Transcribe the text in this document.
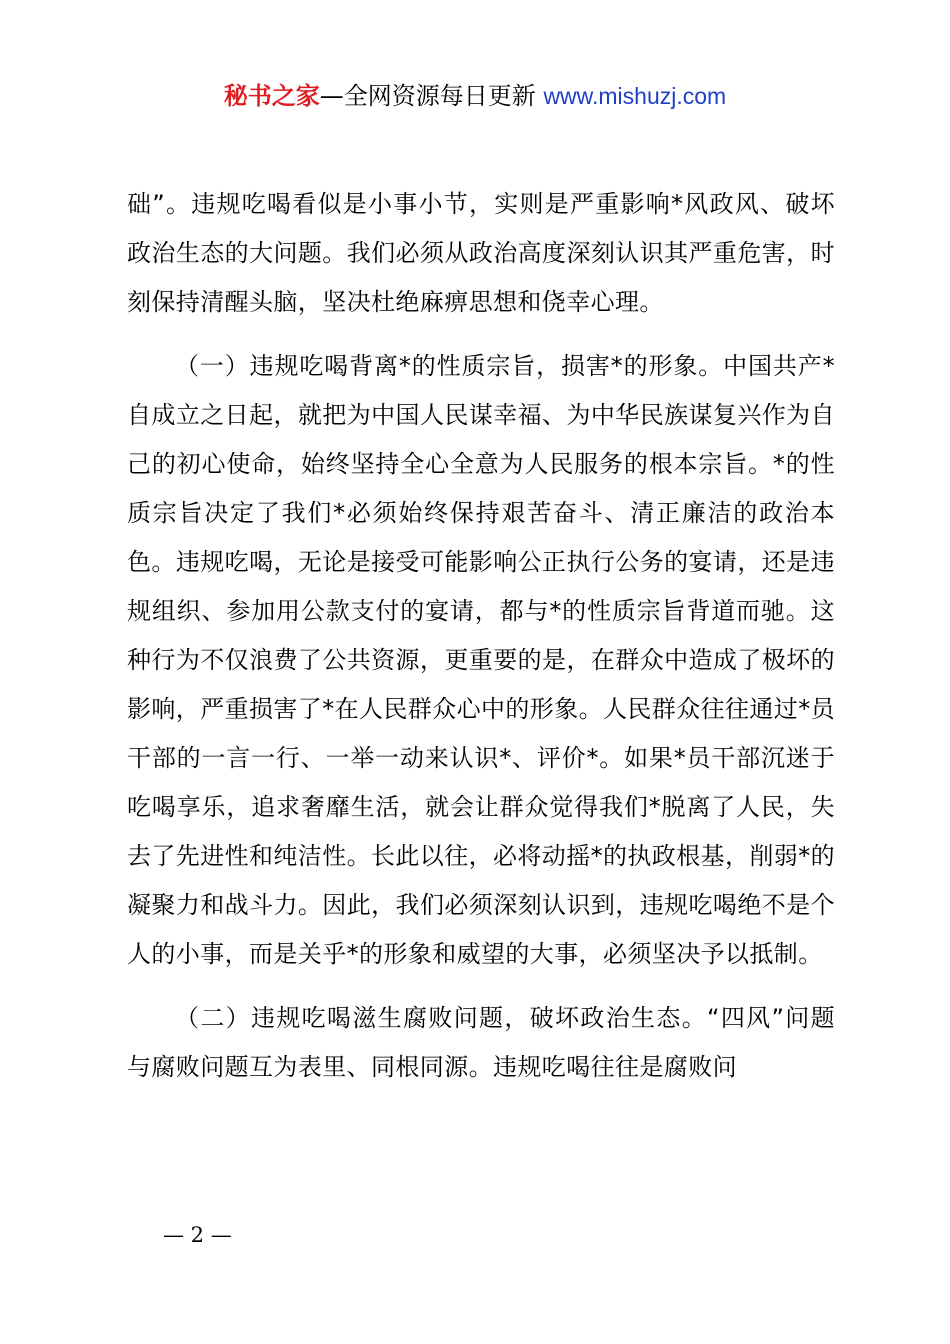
秘书之家—全网资源每日更新 www.mishuzj.com

础”。违规吃喝看似是小事小节，实则是严重影响*风政风、破坏政治生态的大问题。我们必须从政治高度深刻认识其严重危害，时刻保持清醒头脑，坚决杜绝麻痹思想和侥幸心理。

（一）违规吃喝背离*的性质宗旨，损害*的形象。中国共产*自成立之日起，就把为中国人民谋幸福、为中华民族谋复兴作为自己的初心使命，始终坚持全心全意为人民服务的根本宗旨。*的性质宗旨决定了我们*必须始终保持艰苦奋斗、清正廉洁的政治本色。违规吃喝，无论是接受可能影响公正执行公务的宴请，还是违规组织、参加用公款支付的宴请，都与*的性质宗旨背道而驰。这种行为不仅浪费了公共资源，更重要的是，在群众中造成了极坏的影响，严重损害了*在人民群众心中的形象。人民群众往往通过*员干部的一言一行、一举一动来认识*、评价*。如果*员干部沉迷于吃喝享乐，追求奢靡生活，就会让群众觉得我们*脱离了人民，失去了先进性和纯洁性。长此以往，必将动摇*的执政根基，削弱*的凝聚力和战斗力。因此，我们必须深刻认识到，违规吃喝绝不是个人的小事，而是关乎*的形象和威望的大事，必须坚决予以抵制。

（二）违规吃喝滋生腐败问题，破坏政治生态。“四风”问题与腐败问题互为表里、同根同源。违规吃喝往往是腐败问

— 2 —
